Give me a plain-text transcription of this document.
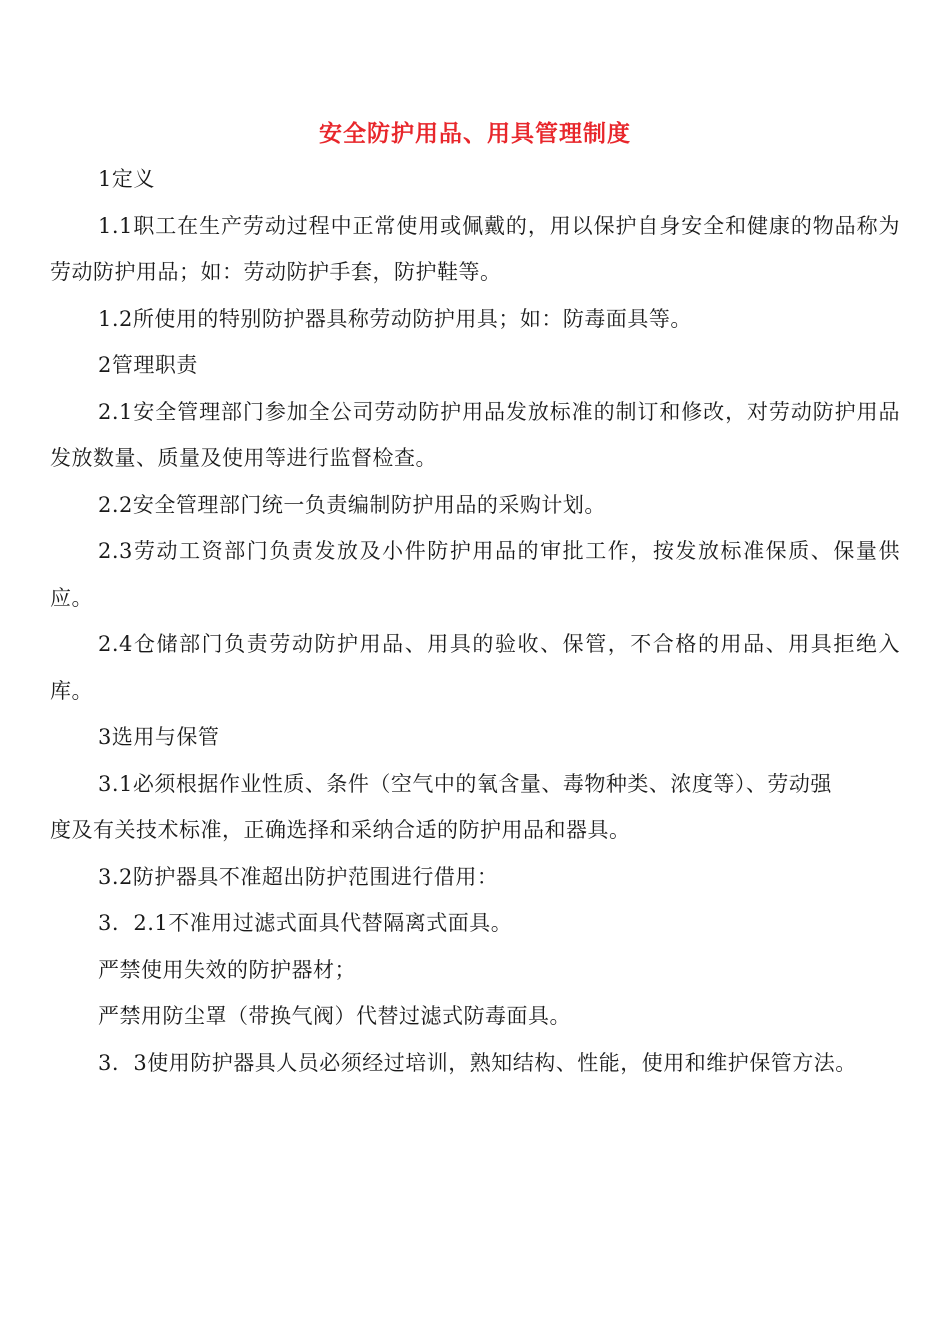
安全防护用品、用具管理制度

1定义

1.1职工在生产劳动过程中正常使用或佩戴的，用以保护自身安全和健康的物品称为劳动防护用品；如：劳动防护手套，防护鞋等。

1.2所使用的特别防护器具称劳动防护用具；如：防毒面具等。

2管理职责

2.1安全管理部门参加全公司劳动防护用品发放标准的制订和修改，对劳动防护用品发放数量、质量及使用等进行监督检查。

2.2安全管理部门统一负责编制防护用品的采购计划。

2.3劳动工资部门负责发放及小件防护用品的审批工作，按发放标准保质、保量供应。

2.4仓储部门负责劳动防护用品、用具的验收、保管，不合格的用品、用具拒绝入库。

3选用与保管

3.1必须根据作业性质、条件（空气中的氧含量、毒物种类、浓度等）、劳动强

度及有关技术标准，正确选择和采纳合适的防护用品和器具。

3.2防护器具不准超出防护范围进行借用：

3.  2.1不准用过滤式面具代替隔离式面具。

严禁使用失效的防护器材；

严禁用防尘罩（带换气阀）代替过滤式防毒面具。

3.  3使用防护器具人员必须经过培训，熟知结构、性能，使用和维护保管方法。
